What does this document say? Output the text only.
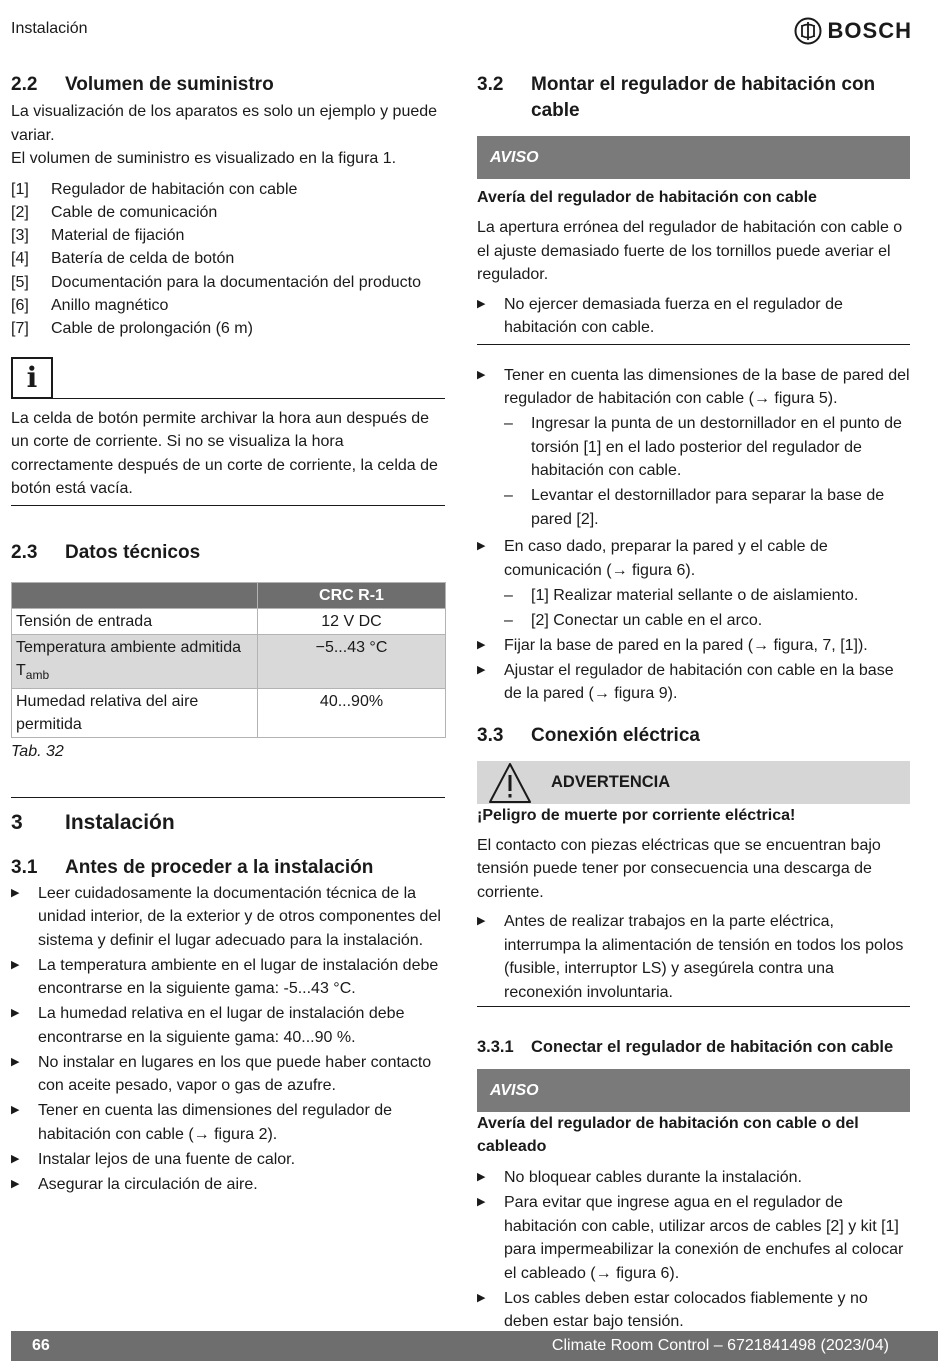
Instalación	BOSCH
2.2	Volumen de suministro

La visualización de los aparatos es solo un ejemplo y puede variar.

El volumen de suministro es visualizado en la figura 1.

[1]	Regulador de habitación con cable
[2]	Cable de comunicación
[3]	Material de fijación
[4]	Batería de celda de botón
[5]	Documentación para la documentación del producto
[6]	Anillo magnético
[7]	Cable de prolongación (6 m)
i
La celda de botón permite archivar la hora aun después de un corte de corriente. Si no se visualiza la hora correctamente después de un corte de corriente, la celda de botón está vacía.
2.3	Datos técnicos
	CRC R-1
Tensión de entrada	12 V DC
Temperatura ambiente admitida $T_{amb}$	−5...43 °C
Humedad relativa del aire permitida	40...90%
Tab. 32
3	Instalación
3.1	Antes de proceder a la instalación
▶ Leer cuidadosamente la documentación técnica de la unidad interior, de la exterior y de otros componentes del sistema y definir el lugar adecuado para la instalación.
▶ La temperatura ambiente en el lugar de instalación debe encontrarse en la siguiente gama: -5...43 °C.
▶ La humedad relativa en el lugar de instalación debe encontrarse en la siguiente gama: 40...90 %.
▶ No instalar en lugares en los que puede haber contacto con aceite pesado, vapor o gas de azufre.
▶ Tener en cuenta las dimensiones del regulador de habitación con cable (→ figura 2).
▶ Instalar lejos de una fuente de calor.
▶ Asegurar la circulación de aire.
3.2	Montar el regulador de habitación con cable
AVISO
Avería del regulador de habitación con cable

La apertura errónea del regulador de habitación con cable o el ajuste demasiado fuerte de los tornillos puede averiar el regulador.

▶ No ejercer demasiada fuerza en el regulador de habitación con cable.
▶ Tener en cuenta las dimensiones de la base de pared del regulador de habitación con cable (→ figura 5).
– Ingresar la punta de un destornillador en el punto de torsión [1] en el lado posterior del regulador de habitación con cable.
– Levantar el destornillador para separar la base de pared [2].
▶ En caso dado, preparar la pared y el cable de comunicación (→ figura 6).
– [1] Realizar material sellante o de aislamiento.
– [2] Conectar un cable en el arco.
▶ Fijar la base de pared en la pared (→ figura, 7, [1]).
▶ Ajustar el regulador de habitación con cable en la base de la pared (→ figura 9).
3.3	Conexión eléctrica
ADVERTENCIA
¡Peligro de muerte por corriente eléctrica!

El contacto con piezas eléctricas que se encuentran bajo tensión puede tener por consecuencia una descarga de corriente.

▶ Antes de realizar trabajos en la parte eléctrica, interrumpa la alimentación de tensión en todos los polos (fusible, interruptor LS) y asegúrela contra una reconexión involuntaria.
3.3.1	Conectar el regulador de habitación con cable
AVISO
Avería del regulador de habitación con cable o del cableado
▶ No bloquear cables durante la instalación.
▶ Para evitar que ingrese agua en el regulador de habitación con cable, utilizar arcos de cables [2] y kit [1] para impermeabilizar la conexión de enchufes al colocar el cableado (→ figura 6).
▶ Los cables deben estar colocados fiablemente y no deben estar bajo tensión.
66	Climate Room Control – 6721841498 (2023/04)
